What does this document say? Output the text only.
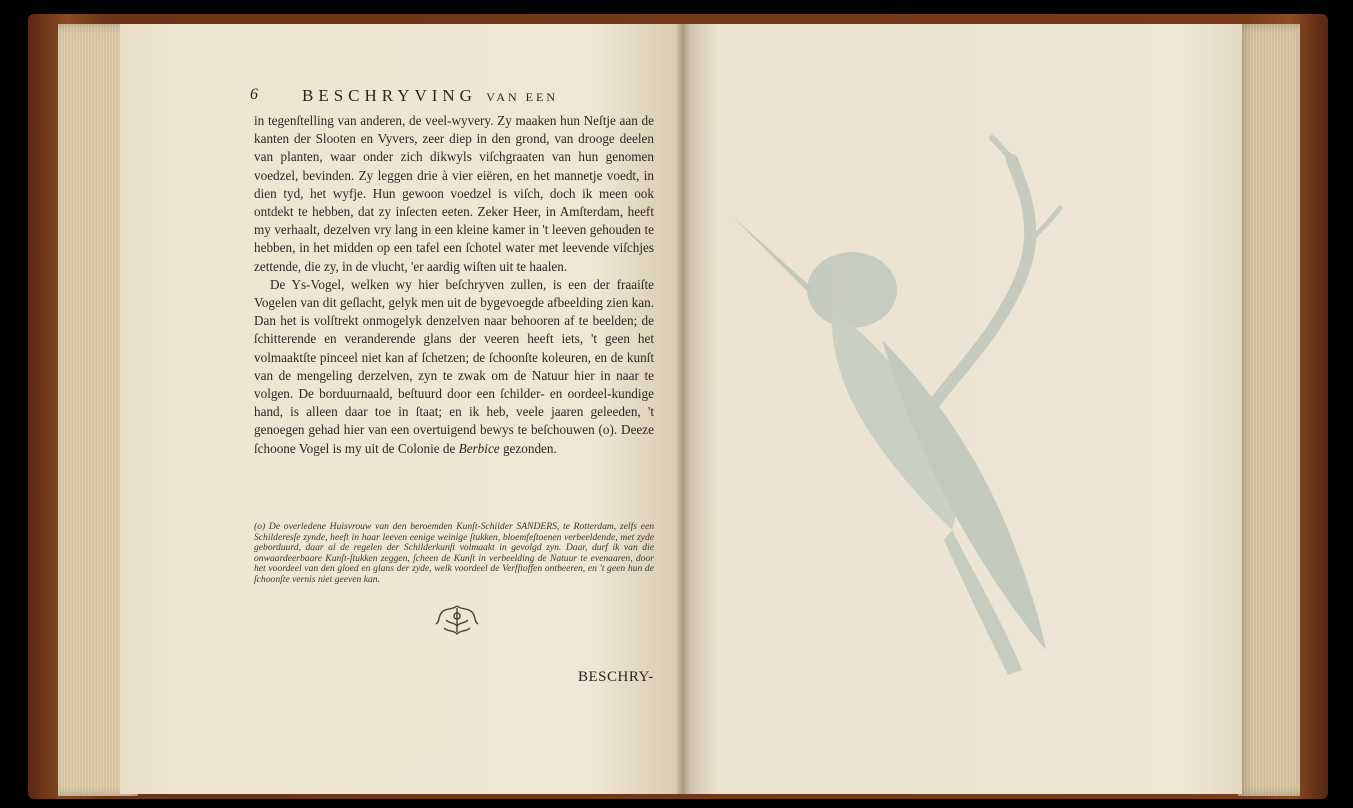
6	BESCHRYVING VAN EEN

in tegenſtelling van anderen, de veel-wyvery. Zy maaken hun Neſtje aan de kanten der Slooten en Vyvers, zeer diep in den grond, van drooge deelen van planten, waar onder zich dikwyls viſchgraaten van hun genomen voedzel, bevinden. Zy leggen drie à vier eiëren, en het mannetje voedt, in dien tyd, het wyfje. Hun gewoon voedzel is viſch, doch ik meen ook ontdekt te hebben, dat zy inſecten eeten. Zeker Heer, in Amſterdam, heeft my verhaalt, dezelven vry lang in een kleine kamer in 't leeven gehouden te hebben, in het midden op een tafel een ſchotel water met leevende viſchjes zettende, die zy, in de vlucht, 'er aardig wiſten uit te haalen.

De Ys-Vogel, welken wy hier beſchryven zullen, is een der fraaiſte Vogelen van dit geſlacht, gelyk men uit de bygevoegde afbeelding zien kan. Dan het is volſtrekt onmogelyk denzelven naar behooren af te beelden; de ſchitterende en veranderende glans der veeren heeft iets, 't geen het volmaaktſte pinceel niet kan af ſchetzen; de ſchoonſte koleuren, en de kunſt van de mengeling derzelven, zyn te zwak om de Natuur hier in naar te volgen. De borduurnaald, beſtuurd door een ſchilder- en oordeel-kundige hand, is alleen daar toe in ſtaat; en ik heb, veele jaaren geleeden, 't genoegen gehad hier van een overtuigend bewys te beſchouwen (o). Deeze ſchoone Vogel is my uit de Colonie de Berbice gezonden.

(o) De overledene Huisvrouw van den beroemden Kunſt-Schilder SANDERS, te Rotterdam, zelfs een Schilderesſe zynde, heeft in haar leeven eenige weinige ſtukken, bloemfeſtoenen verbeeldende, met zyde geborduurd, daar al de regelen der Schilderkunſt volmaakt in gevolgd zyn. Daar, durf ik van die onwaardeerbaare Kunſt-ſtukken zeggen, ſcheen de Kunſt in verbeelding de Natuur te evenaaren, door het voordeel van den gloed en glans der zyde, welk voordeel de Verfſtoffen ontbeeren, en 't geen hun de ſchoonſte vernis niet geeven kan.
BESCHRY-
